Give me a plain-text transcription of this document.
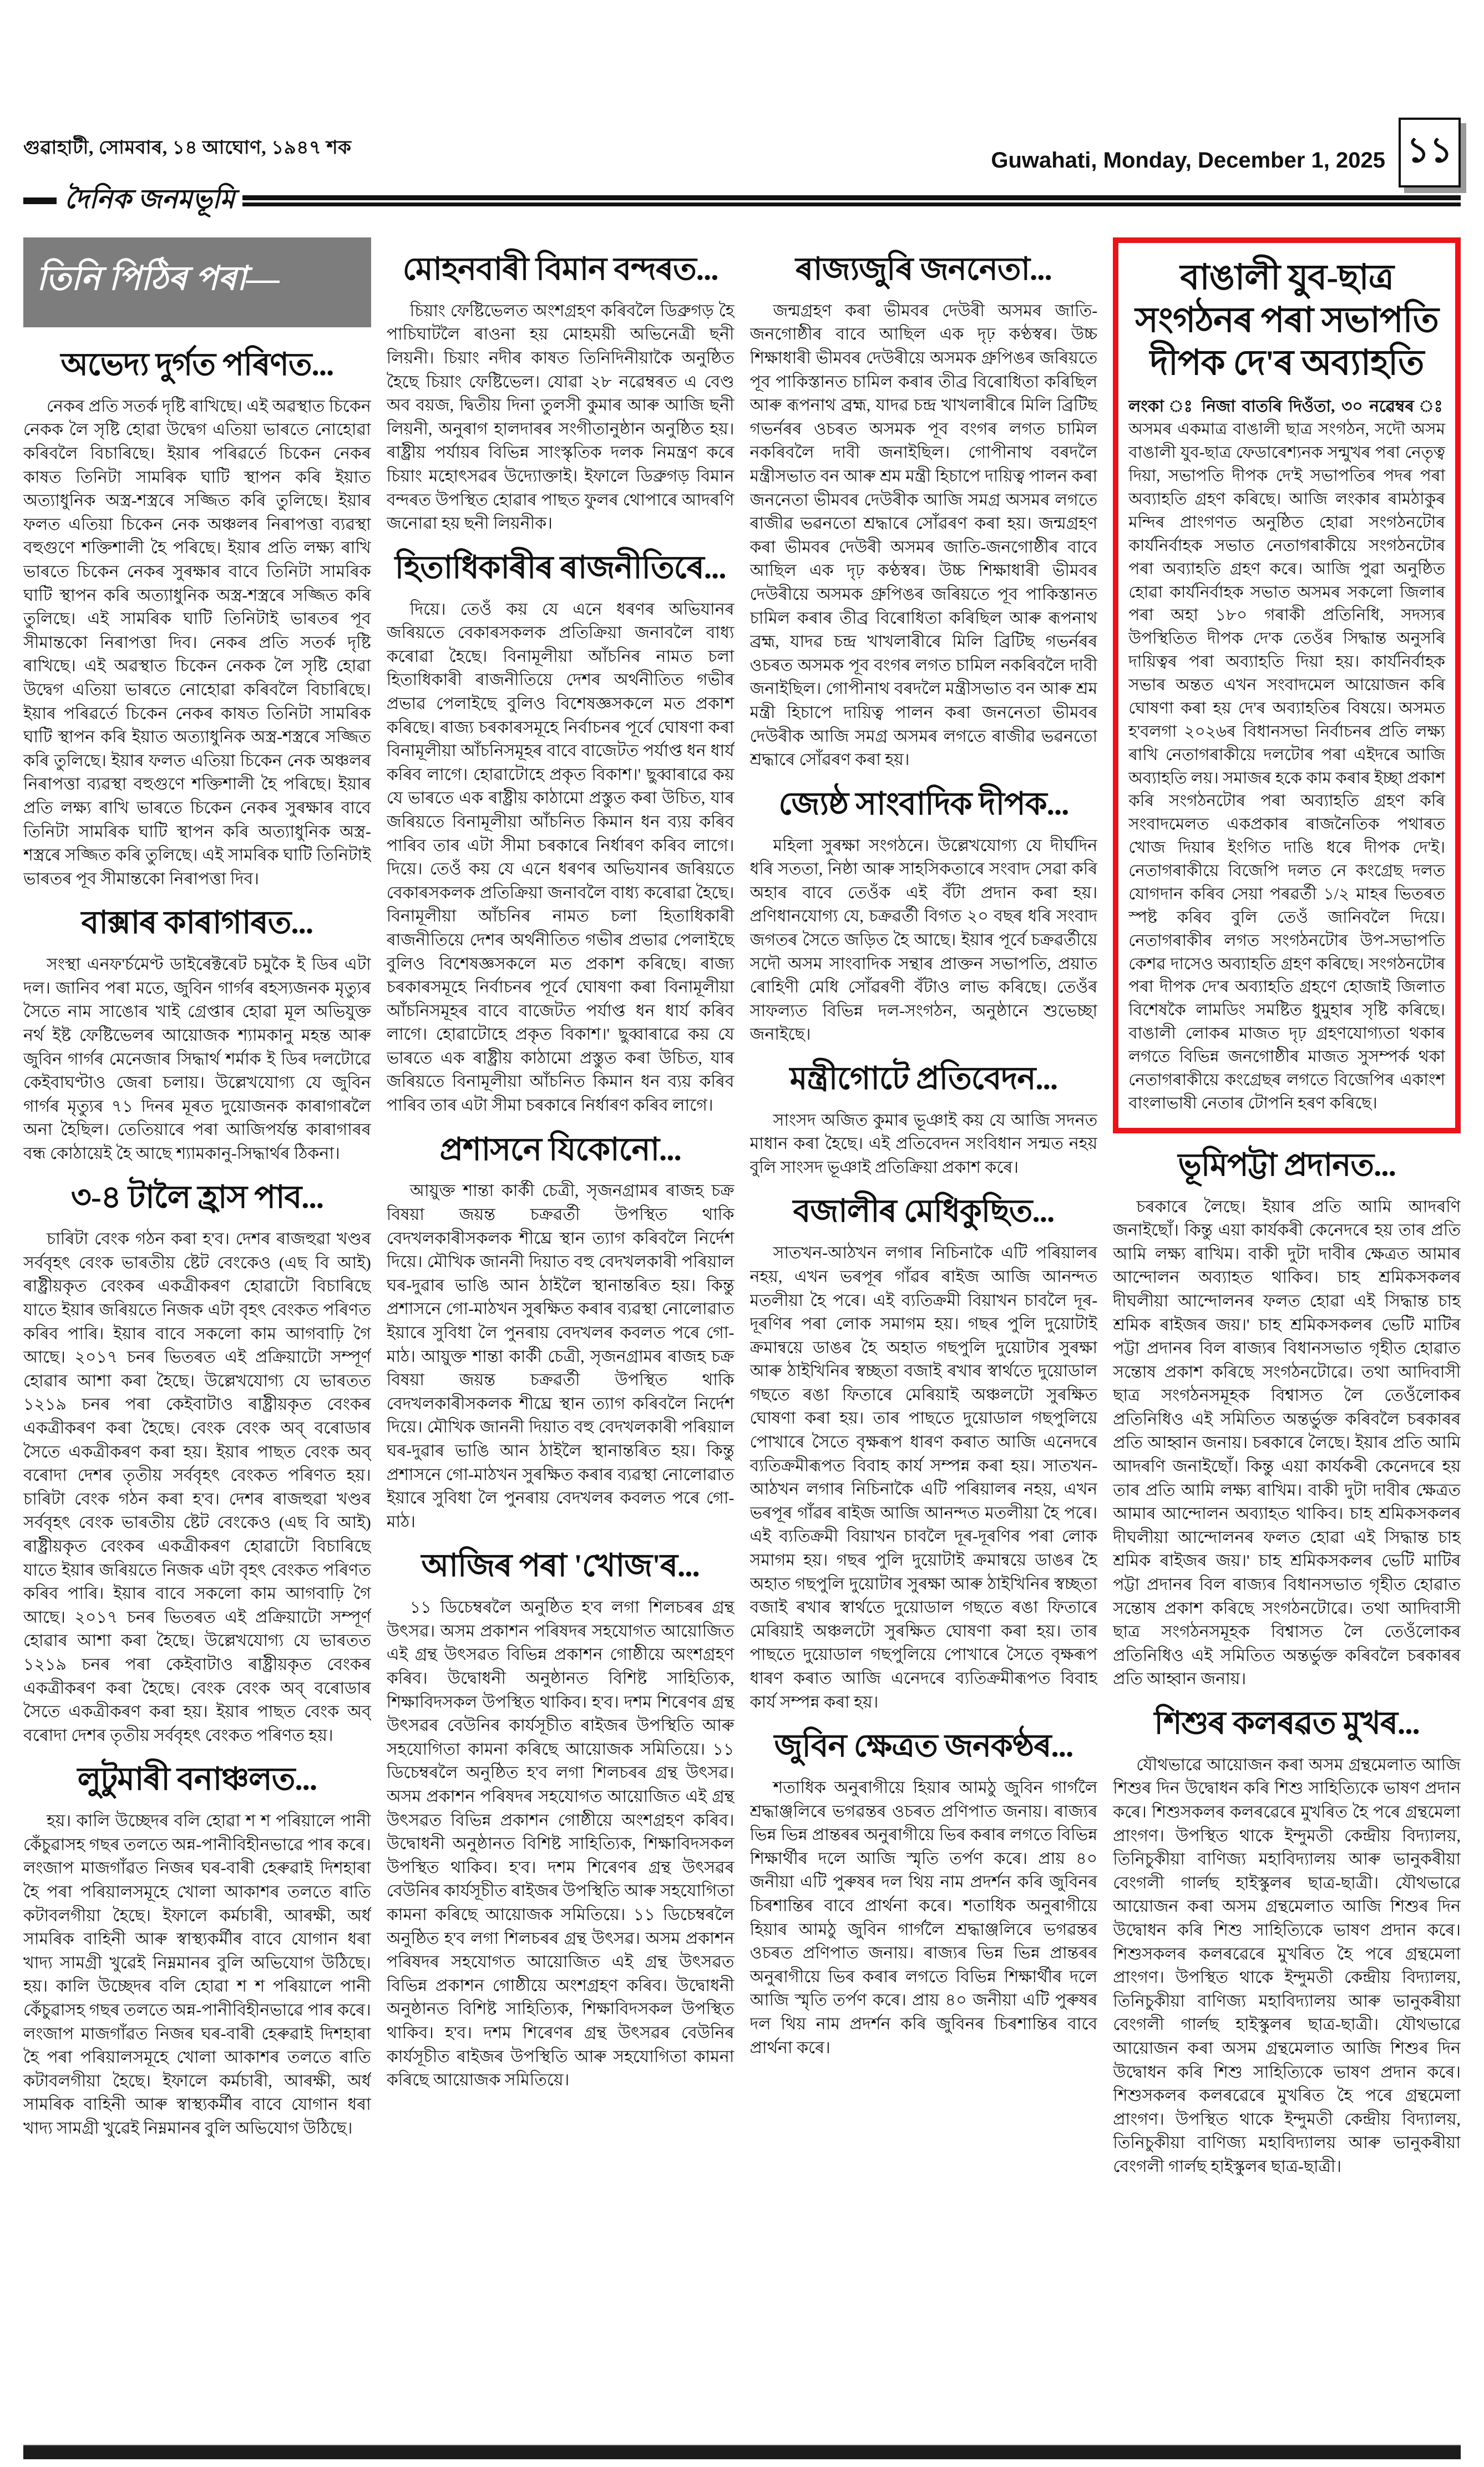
গুৱাহাটী, সোমবাৰ, ১৪ আঘোণ, ১৯৪৭ শক	Guwahati, Monday, December 1, 2025 ১১
দৈনিক জনমভূমি
তিনি পিঠিৰ পৰা—
অভেদ্য দুর্গত পৰিণত...
নেকৰ প্ৰতি সতৰ্ক দৃষ্টি ৰাখিছে। এই অৱস্থাত চিকেন নেকক লৈ সৃষ্টি হোৱা উদ্বেগ এতিয়া ভাৰতে নোহোৱা কৰিবলৈ বিচাৰিছে। ইয়াৰ পৰিৱৰ্তে চিকেন নেকৰ কাষত তিনিটা সামৰিক ঘাটি স্থাপন কৰি ইয়াত অত্যাধুনিক অস্ত্ৰ-শস্ত্ৰৰে সজ্জিত কৰি তুলিছে। ইয়াৰ ফলত এতিয়া চিকেন নেক অঞ্চলৰ নিৰাপত্তা ব্যৱস্থা বহুগুণে শক্তিশালী হৈ পৰিছে। ইয়াৰ প্ৰতি লক্ষ্য ৰাখি ভাৰতে চিকেন নেকৰ সুৰক্ষাৰ বাবে তিনিটা সামৰিক ঘাটি স্থাপন কৰি অত্যাধুনিক অস্ত্ৰ-শস্ত্ৰৰে সজ্জিত কৰি তুলিছে। এই সামৰিক ঘাটি তিনিটাই ভাৰতৰ পূব সীমান্তকো নিৰাপত্তা দিব। নেকৰ প্ৰতি সতৰ্ক দৃষ্টি ৰাখিছে। এই অৱস্থাত চিকেন নেকক লৈ সৃষ্টি হোৱা উদ্বেগ এতিয়া ভাৰতে নোহোৱা কৰিবলৈ বিচাৰিছে। ইয়াৰ পৰিৱৰ্তে চিকেন নেকৰ কাষত তিনিটা সামৰিক ঘাটি স্থাপন কৰি ইয়াত অত্যাধুনিক অস্ত্ৰ-শস্ত্ৰৰে সজ্জিত কৰি তুলিছে। ইয়াৰ ফলত এতিয়া চিকেন নেক অঞ্চলৰ নিৰাপত্তা ব্যৱস্থা বহুগুণে শক্তিশালী হৈ পৰিছে। ইয়াৰ প্ৰতি লক্ষ্য ৰাখি ভাৰতে চিকেন নেকৰ সুৰক্ষাৰ বাবে তিনিটা সামৰিক ঘাটি স্থাপন কৰি অত্যাধুনিক অস্ত্ৰ-শস্ত্ৰৰে সজ্জিত কৰি তুলিছে। এই সামৰিক ঘাটি তিনিটাই ভাৰতৰ পূব সীমান্তকো নিৰাপত্তা দিব।
বাক্সাৰ কাৰাগাৰত...
সংস্থা এনফ'ৰ্চমেণ্ট ডাইৰেক্টৰেট চমুকৈ ই ডিৰ এটা দল। জানিব পৰা মতে, জুবিন গাৰ্গৰ ৰহস্যজনক মৃত্যুৰ সৈতে নাম সাঙোৰ খাই গ্ৰেপ্তাৰ হোৱা মূল অভিযুক্ত নৰ্থ ইষ্ট ফেষ্টিভেলৰ আয়োজক শ্যামকানু মহন্ত আৰু জুবিন গাৰ্গৰ মেনেজাৰ সিদ্ধাৰ্থ শৰ্মাক ই ডিৰ দলটোৱে কেইবাঘণ্টাও জেৰা চলায়। উল্লেখযোগ্য যে জুবিন গাৰ্গৰ মৃত্যুৰ ৭১ দিনৰ মূৰত দুয়োজনক কাৰাগাৰলৈ অনা হৈছিল। তেতিয়াৰে পৰা আজিপৰ্যন্ত কাৰাগাৰৰ বন্ধ কোঠায়েই হৈ আছে শ্যামকানু-সিদ্ধাৰ্থৰ ঠিকনা।
৩-৪ টালৈ হ্ৰাস পাব...
চাৰিটা বেংক গঠন কৰা হ'ব। দেশৰ ৰাজহুৱা খণ্ডৰ সৰ্ববৃহৎ বেংক ভাৰতীয় ষ্টেট বেংকেও (এছ বি আই) ৰাষ্ট্ৰীয়কৃত বেংকৰ একত্ৰীকৰণ হোৱাটো বিচাৰিছে যাতে ইয়াৰ জৰিয়তে নিজক এটা বৃহৎ বেংকত পৰিণত কৰিব পাৰি। ইয়াৰ বাবে সকলো কাম আগবাঢ়ি গৈ আছে। ২০১৭ চনৰ ভিতৰত এই প্ৰক্ৰিয়াটো সম্পূৰ্ণ হোৱাৰ আশা কৰা হৈছে। উল্লেখযোগ্য যে ভাৰতত ১২১৯ চনৰ পৰা কেইবাটাও ৰাষ্ট্ৰীয়কৃত বেংকৰ একত্ৰীকৰণ কৰা হৈছে। বেংক বেংক অব্ বৰোডাৰ সৈতে একত্ৰীকৰণ কৰা হয়। ইয়াৰ পাছত বেংক অব্ বৰোদা দেশৰ তৃতীয় সৰ্ববৃহৎ বেংকত পৰিণত হয়। চাৰিটা বেংক গঠন কৰা হ'ব। দেশৰ ৰাজহুৱা খণ্ডৰ সৰ্ববৃহৎ বেংক ভাৰতীয় ষ্টেট বেংকেও (এছ বি আই) ৰাষ্ট্ৰীয়কৃত বেংকৰ একত্ৰীকৰণ হোৱাটো বিচাৰিছে যাতে ইয়াৰ জৰিয়তে নিজক এটা বৃহৎ বেংকত পৰিণত কৰিব পাৰি। ইয়াৰ বাবে সকলো কাম আগবাঢ়ি গৈ আছে। ২০১৭ চনৰ ভিতৰত এই প্ৰক্ৰিয়াটো সম্পূৰ্ণ হোৱাৰ আশা কৰা হৈছে। উল্লেখযোগ্য যে ভাৰতত ১২১৯ চনৰ পৰা কেইবাটাও ৰাষ্ট্ৰীয়কৃত বেংকৰ একত্ৰীকৰণ কৰা হৈছে। বেংক বেংক অব্ বৰোডাৰ সৈতে একত্ৰীকৰণ কৰা হয়। ইয়াৰ পাছত বেংক অব্ বৰোদা দেশৰ তৃতীয় সৰ্ববৃহৎ বেংকত পৰিণত হয়।
লুটুমাৰী বনাঞ্চলত...
হয়। কালি উচ্ছেদৰ বলি হোৱা শ শ পৰিয়ালে পানী কেঁচুৱাসহ গছৰ তলতে অন্ন-পানীবিহীনভাৱে পাৰ কৰে। লংজাপ মাজগাঁৱত নিজৰ ঘৰ-বাৰী হেৰুৱাই দিশহাৰা হৈ পৰা পৰিয়ালসমূহে খোলা আকাশৰ তলতে ৰাতি কটাবলগীয়া হৈছে। ইফালে কৰ্মচাৰী, আৰক্ষী, অৰ্ধ সামৰিক বাহিনী আৰু স্বাস্থ্যকৰ্মীৰ বাবে যোগান ধৰা খাদ্য সামগ্ৰী খুৱেই নিম্নমানৰ বুলি অভিযোগ উঠিছে। হয়। কালি উচ্ছেদৰ বলি হোৱা শ শ পৰিয়ালে পানী কেঁচুৱাসহ গছৰ তলতে অন্ন-পানীবিহীনভাৱে পাৰ কৰে। লংজাপ মাজগাঁৱত নিজৰ ঘৰ-বাৰী হেৰুৱাই দিশহাৰা হৈ পৰা পৰিয়ালসমূহে খোলা আকাশৰ তলতে ৰাতি কটাবলগীয়া হৈছে। ইফালে কৰ্মচাৰী, আৰক্ষী, অৰ্ধ সামৰিক বাহিনী আৰু স্বাস্থ্যকৰ্মীৰ বাবে যোগান ধৰা খাদ্য সামগ্ৰী খুৱেই নিম্নমানৰ বুলি অভিযোগ উঠিছে।
মোহনবাৰী বিমান বন্দৰত...
চিয়াং ফেষ্টিভেলত অংশগ্ৰহণ কৰিবলৈ ডিব্ৰুগড় হৈ পাচিঘাটলৈ ৰাওনা হয় মোহময়ী অভিনেত্ৰী ছনী লিয়নী। চিয়াং নদীৰ কাষত তিনিদিনীয়াকৈ অনুষ্ঠিত হৈছে চিয়াং ফেষ্টিভেল। যোৱা ২৮ নৱেম্বৰত এ বেণ্ড অব বয়জ, দ্বিতীয় দিনা তুলসী কুমাৰ আৰু আজি ছনী লিয়নী, অনুৰাগ হালদাৰৰ সংগীতানুষ্ঠান অনুষ্ঠিত হয়। ৰাষ্ট্ৰীয় পৰ্যায়ৰ বিভিন্ন সাংস্কৃতিক দলক নিমন্ত্ৰণ কৰে চিয়াং মহোৎসৱৰ উদ্যোক্তাই। ইফালে ডিব্ৰুগড় বিমান বন্দৰত উপস্থিত হোৱাৰ পাছত ফুলৰ থোপাৰে আদৰণি জনোৱা হয় ছনী লিয়নীক।
হিতাধিকাৰীৰ ৰাজনীতিৰে...
দিয়ে। তেওঁ কয় যে এনে ধৰণৰ অভিযানৰ জৰিয়তে বেকাৰসকলক প্ৰতিক্ৰিয়া জনাবলৈ বাধ্য কৰোৱা হৈছে। বিনামূলীয়া আঁচনিৰ নামত চলা হিতাধিকাৰী ৰাজনীতিয়ে দেশৰ অৰ্থনীতিত গভীৰ প্ৰভাৱ পেলাইছে বুলিও বিশেষজ্ঞসকলে মত প্ৰকাশ কৰিছে। ৰাজ্য চৰকাৰসমূহে নিৰ্বাচনৰ পূৰ্বে ঘোষণা কৰা বিনামূলীয়া আঁচনিসমূহৰ বাবে বাজেটত পৰ্যাপ্ত ধন ধাৰ্য কৰিব লাগে। হোৱাটোহে প্ৰকৃত বিকাশ।' ছুব্বাৰাৱে কয় যে ভাৰতে এক ৰাষ্ট্ৰীয় কাঠামো প্ৰস্তুত কৰা উচিত, যাৰ জৰিয়তে বিনামূলীয়া আঁচনিত কিমান ধন ব্যয় কৰিব পাৰিব তাৰ এটা সীমা চৰকাৰে নিৰ্ধাৰণ কৰিব লাগে। দিয়ে। তেওঁ কয় যে এনে ধৰণৰ অভিযানৰ জৰিয়তে বেকাৰসকলক প্ৰতিক্ৰিয়া জনাবলৈ বাধ্য কৰোৱা হৈছে। বিনামূলীয়া আঁচনিৰ নামত চলা হিতাধিকাৰী ৰাজনীতিয়ে দেশৰ অৰ্থনীতিত গভীৰ প্ৰভাৱ পেলাইছে বুলিও বিশেষজ্ঞসকলে মত প্ৰকাশ কৰিছে। ৰাজ্য চৰকাৰসমূহে নিৰ্বাচনৰ পূৰ্বে ঘোষণা কৰা বিনামূলীয়া আঁচনিসমূহৰ বাবে বাজেটত পৰ্যাপ্ত ধন ধাৰ্য কৰিব লাগে। হোৱাটোহে প্ৰকৃত বিকাশ।' ছুব্বাৰাৱে কয় যে ভাৰতে এক ৰাষ্ট্ৰীয় কাঠামো প্ৰস্তুত কৰা উচিত, যাৰ জৰিয়তে বিনামূলীয়া আঁচনিত কিমান ধন ব্যয় কৰিব পাৰিব তাৰ এটা সীমা চৰকাৰে নিৰ্ধাৰণ কৰিব লাগে।
প্ৰশাসনে যিকোনো...
আয়ুক্ত শান্তা কাৰ্কী চেত্ৰী, সৃজনগ্ৰামৰ ৰাজহ চক্ৰ বিষয়া জয়ন্ত চক্ৰৱৰ্তী উপস্থিত থাকি বেদখলকাৰীসকলক শীঘ্ৰে স্থান ত্যাগ কৰিবলৈ নিৰ্দেশ দিয়ে। মৌখিক জাননী দিয়াত বহু বেদখলকাৰী পৰিয়াল ঘৰ-দুৱাৰ ভাঙি আন ঠাইলৈ স্থানান্তৰিত হয়। কিন্তু প্ৰশাসনে গো-মাঠখন সুৰক্ষিত কৰাৰ ব্যৱস্থা নোলোৱাত ইয়াৰে সুবিধা লৈ পুনৰায় বেদখলৰ কবলত পৰে গো-মাঠ। আয়ুক্ত শান্তা কাৰ্কী চেত্ৰী, সৃজনগ্ৰামৰ ৰাজহ চক্ৰ বিষয়া জয়ন্ত চক্ৰৱৰ্তী উপস্থিত থাকি বেদখলকাৰীসকলক শীঘ্ৰে স্থান ত্যাগ কৰিবলৈ নিৰ্দেশ দিয়ে। মৌখিক জাননী দিয়াত বহু বেদখলকাৰী পৰিয়াল ঘৰ-দুৱাৰ ভাঙি আন ঠাইলৈ স্থানান্তৰিত হয়। কিন্তু প্ৰশাসনে গো-মাঠখন সুৰক্ষিত কৰাৰ ব্যৱস্থা নোলোৱাত ইয়াৰে সুবিধা লৈ পুনৰায় বেদখলৰ কবলত পৰে গো-মাঠ।
আজিৰ পৰা 'খোজ'ৰ...
১১ ডিচেম্বৰলৈ অনুষ্ঠিত হ'ব লগা শিলচৰৰ গ্ৰন্থ উৎসৱ। অসম প্ৰকাশন পৰিষদৰ সহযোগত আয়োজিত এই গ্ৰন্থ উৎসৱত বিভিন্ন প্ৰকাশন গোষ্ঠীয়ে অংশগ্ৰহণ কৰিব। উদ্বোধনী অনুষ্ঠানত বিশিষ্ট সাহিত্যিক, শিক্ষাবিদসকল উপস্থিত থাকিব। হ'ব। দশম শিৰেণৰ গ্ৰন্থ উৎসৱৰ বেউনিৰ কাৰ্যসূচীত ৰাইজৰ উপস্থিতি আৰু সহযোগিতা কামনা কৰিছে আয়োজক সমিতিয়ে। ১১ ডিচেম্বৰলৈ অনুষ্ঠিত হ'ব লগা শিলচৰৰ গ্ৰন্থ উৎসৱ। অসম প্ৰকাশন পৰিষদৰ সহযোগত আয়োজিত এই গ্ৰন্থ উৎসৱত বিভিন্ন প্ৰকাশন গোষ্ঠীয়ে অংশগ্ৰহণ কৰিব। উদ্বোধনী অনুষ্ঠানত বিশিষ্ট সাহিত্যিক, শিক্ষাবিদসকল উপস্থিত থাকিব। হ'ব। দশম শিৰেণৰ গ্ৰন্থ উৎসৱৰ বেউনিৰ কাৰ্যসূচীত ৰাইজৰ উপস্থিতি আৰু সহযোগিতা কামনা কৰিছে আয়োজক সমিতিয়ে। ১১ ডিচেম্বৰলৈ অনুষ্ঠিত হ'ব লগা শিলচৰৰ গ্ৰন্থ উৎসৱ। অসম প্ৰকাশন পৰিষদৰ সহযোগত আয়োজিত এই গ্ৰন্থ উৎসৱত বিভিন্ন প্ৰকাশন গোষ্ঠীয়ে অংশগ্ৰহণ কৰিব। উদ্বোধনী অনুষ্ঠানত বিশিষ্ট সাহিত্যিক, শিক্ষাবিদসকল উপস্থিত থাকিব। হ'ব। দশম শিৰেণৰ গ্ৰন্থ উৎসৱৰ বেউনিৰ কাৰ্যসূচীত ৰাইজৰ উপস্থিতি আৰু সহযোগিতা কামনা কৰিছে আয়োজক সমিতিয়ে।
ৰাজ্যজুৰি জননেতা...
জন্মগ্ৰহণ কৰা ভীমবৰ দেউৰী অসমৰ জাতি-জনগোষ্ঠীৰ বাবে আছিল এক দৃঢ় কণ্ঠস্বৰ। উচ্চ শিক্ষাধাৰী ভীমবৰ দেউৰীয়ে অসমক গ্ৰুপিঙৰ জৰিয়তে পূব পাকিস্তানত চামিল কৰাৰ তীব্ৰ বিৰোধিতা কৰিছিল আৰু ৰূপনাথ ব্ৰহ্ম, যাদৱ চন্দ্ৰ খাখলাৰীৰে মিলি ব্ৰিটিছ গভৰ্নৰৰ ওচৰত অসমক পূব বংগৰ লগত চামিল নকৰিবলৈ দাবী জনাইছিল। গোপীনাথ বৰদলৈ মন্ত্ৰীসভাত বন আৰু শ্ৰম মন্ত্ৰী হিচাপে দায়িত্ব পালন কৰা জননেতা ভীমবৰ দেউৰীক আজি সমগ্ৰ অসমৰ লগতে ৰাজীৱ ভৱনতো শ্ৰদ্ধাৰে সোঁৱৰণ কৰা হয়। জন্মগ্ৰহণ কৰা ভীমবৰ দেউৰী অসমৰ জাতি-জনগোষ্ঠীৰ বাবে আছিল এক দৃঢ় কণ্ঠস্বৰ। উচ্চ শিক্ষাধাৰী ভীমবৰ দেউৰীয়ে অসমক গ্ৰুপিঙৰ জৰিয়তে পূব পাকিস্তানত চামিল কৰাৰ তীব্ৰ বিৰোধিতা কৰিছিল আৰু ৰূপনাথ ব্ৰহ্ম, যাদৱ চন্দ্ৰ খাখলাৰীৰে মিলি ব্ৰিটিছ গভৰ্নৰৰ ওচৰত অসমক পূব বংগৰ লগত চামিল নকৰিবলৈ দাবী জনাইছিল। গোপীনাথ বৰদলৈ মন্ত্ৰীসভাত বন আৰু শ্ৰম মন্ত্ৰী হিচাপে দায়িত্ব পালন কৰা জননেতা ভীমবৰ দেউৰীক আজি সমগ্ৰ অসমৰ লগতে ৰাজীৱ ভৱনতো শ্ৰদ্ধাৰে সোঁৱৰণ কৰা হয়।
জ্যেষ্ঠ সাংবাদিক দীপক...
মহিলা সুৰক্ষা সংগঠনে। উল্লেখযোগ্য যে দীৰ্ঘদিন ধৰি সততা, নিষ্ঠা আৰু সাহসিকতাৰে সংবাদ সেৱা কৰি অহাৰ বাবে তেওঁক এই বঁটা প্ৰদান কৰা হয়। প্ৰণিধানযোগ্য যে, চক্ৰৱৰ্তী বিগত ২০ বছৰ ধৰি সংবাদ জগতৰ সৈতে জড়িত হৈ আছে। ইয়াৰ পূৰ্বে চক্ৰৱৰ্তীয়ে সদৌ অসম সাংবাদিক সন্থাৰ প্ৰাক্তন সভাপতি, প্ৰয়াত ৰোহিণী মেধি সোঁৱৰণী বঁটাও লাভ কৰিছে। তেওঁৰ সাফল্যত বিভিন্ন দল-সংগঠন, অনুষ্ঠানে শুভেচ্ছা জনাইছে।
মন্ত্ৰীগোটে প্ৰতিবেদন...
সাংসদ অজিত কুমাৰ ভূঞাই কয় যে আজি সদনত মাধান কৰা হৈছে। এই প্ৰতিবেদন সংবিধান সন্মত নহয় বুলি সাংসদ ভূঞাই প্ৰতিক্ৰিয়া প্ৰকাশ কৰে।
বজালীৰ মেধিকুছিত...
সাতখন-আঠখন লগাৰ নিচিনাকৈ এটি পৰিয়ালৰ নহয়, এখন ভৰপূৰ গাঁৱৰ ৰাইজ আজি আনন্দত মতলীয়া হৈ পৰে। এই ব্যতিক্ৰমী বিয়াখন চাবলৈ দূৰ-দূৰণিৰ পৰা লোক সমাগম হয়। গছৰ পুলি দুয়োটাই ক্ৰমান্বয়ে ডাঙৰ হৈ অহাত গছপুলি দুয়োটাৰ সুৰক্ষা আৰু ঠাইখিনিৰ স্বচ্ছতা বজাই ৰখাৰ স্বাৰ্থতে দুয়োডাল গছতে ৰঙা ফিতাৰে মেৰিয়াই অঞ্চলটো সুৰক্ষিত ঘোষণা কৰা হয়। তাৰ পাছতে দুয়োডাল গছপুলিয়ে পোখাৰে সৈতে বৃক্ষৰূপ ধাৰণ কৰাত আজি এনেদৰে ব্যতিক্ৰমীৰূপত বিবাহ কাৰ্য সম্পন্ন কৰা হয়। সাতখন-আঠখন লগাৰ নিচিনাকৈ এটি পৰিয়ালৰ নহয়, এখন ভৰপূৰ গাঁৱৰ ৰাইজ আজি আনন্দত মতলীয়া হৈ পৰে। এই ব্যতিক্ৰমী বিয়াখন চাবলৈ দূৰ-দূৰণিৰ পৰা লোক সমাগম হয়। গছৰ পুলি দুয়োটাই ক্ৰমান্বয়ে ডাঙৰ হৈ অহাত গছপুলি দুয়োটাৰ সুৰক্ষা আৰু ঠাইখিনিৰ স্বচ্ছতা বজাই ৰখাৰ স্বাৰ্থতে দুয়োডাল গছতে ৰঙা ফিতাৰে মেৰিয়াই অঞ্চলটো সুৰক্ষিত ঘোষণা কৰা হয়। তাৰ পাছতে দুয়োডাল গছপুলিয়ে পোখাৰে সৈতে বৃক্ষৰূপ ধাৰণ কৰাত আজি এনেদৰে ব্যতিক্ৰমীৰূপত বিবাহ কাৰ্য সম্পন্ন কৰা হয়।
জুবিন ক্ষেত্ৰত জনকণ্ঠৰ...
শতাধিক অনুৰাগীয়ে হিয়াৰ আমঠু জুবিন গাৰ্গলৈ শ্ৰদ্ধাঞ্জলিৰে ভগৱন্তৰ ওচৰত প্ৰণিপাত জনায়। ৰাজ্যৰ ভিন্ন ভিন্ন প্ৰান্তৰৰ অনুৰাগীয়ে ভিৰ কৰাৰ লগতে বিভিন্ন শিক্ষাৰ্থীৰ দলে আজি স্মৃতি তৰ্পণ কৰে। প্ৰায় ৪০ জনীয়া এটি পুৰুষৰ দল থিয় নাম প্ৰদৰ্শন কৰি জুবিনৰ চিৰশান্তিৰ বাবে প্ৰাৰ্থনা কৰে। শতাধিক অনুৰাগীয়ে হিয়াৰ আমঠু জুবিন গাৰ্গলৈ শ্ৰদ্ধাঞ্জলিৰে ভগৱন্তৰ ওচৰত প্ৰণিপাত জনায়। ৰাজ্যৰ ভিন্ন ভিন্ন প্ৰান্তৰৰ অনুৰাগীয়ে ভিৰ কৰাৰ লগতে বিভিন্ন শিক্ষাৰ্থীৰ দলে আজি স্মৃতি তৰ্পণ কৰে। প্ৰায় ৪০ জনীয়া এটি পুৰুষৰ দল থিয় নাম প্ৰদৰ্শন কৰি জুবিনৰ চিৰশান্তিৰ বাবে প্ৰাৰ্থনা কৰে।
বাঙালী যুব-ছাত্ৰ সংগঠনৰ পৰা সভাপতি দীপক দে'ৰ অব্যাহতি
লংকা ঃ নিজা বাতৰি দিওঁতা, ৩০ নৱেম্বৰ ঃ অসমৰ একমাত্ৰ বাঙালী ছাত্ৰ সংগঠন, সদৌ অসম বাঙালী যুব-ছাত্ৰ ফেডাৰেশ্যনক সন্মুখৰ পৰা নেতৃত্ব দিয়া, সভাপতি দীপক দে'ই সভাপতিৰ পদৰ পৰা অব্যাহতি গ্ৰহণ কৰিছে। আজি লংকাৰ ৰামঠাকুৰ মন্দিৰ প্ৰাংগণত অনুষ্ঠিত হোৱা সংগঠনটোৰ কাৰ্যনিৰ্বাহক সভাত নেতাগৰাকীয়ে সংগঠনটোৰ পৰা অব্যাহতি গ্ৰহণ কৰে। আজি পুৱা অনুষ্ঠিত হোৱা কাৰ্যনিৰ্বাহক সভাত অসমৰ সকলো জিলাৰ পৰা অহা ১৮০ গৰাকী প্ৰতিনিধি, সদস্যৰ উপস্থিতিত দীপক দে'ক তেওঁৰ সিদ্ধান্ত অনুসৰি দায়িত্বৰ পৰা অব্যাহতি দিয়া হয়। কাৰ্যনিৰ্বাহক সভাৰ অন্তত এখন সংবাদমেল আয়োজন কৰি ঘোষণা কৰা হয় দে'ৰ অব্যাহতিৰ বিষয়ে। অসমত হ'বলগা ২০২৬ৰ বিধানসভা নিৰ্বাচনৰ প্ৰতি লক্ষ্য ৰাখি নেতাগৰাকীয়ে দলটোৰ পৰা এইদৰে আজি অব্যাহতি লয়। সমাজৰ হকে কাম কৰাৰ ইচ্ছা প্ৰকাশ কৰি সংগঠনটোৰ পৰা অব্যাহতি গ্ৰহণ কৰি সংবাদমেলত একপ্ৰকাৰ ৰাজনৈতিক পথাৰত খোজ দিয়াৰ ইংগিত দাঙি ধৰে দীপক দে'ই। নেতাগৰাকীয়ে বিজেপি দলত নে কংগ্ৰেছ দলত যোগদান কৰিব সেয়া পৰৱৰ্তী ১/২ মাহৰ ভিতৰত স্পষ্ট কৰিব বুলি তেওঁ জানিবলৈ দিয়ে। নেতাগৰাকীৰ লগত সংগঠনটোৰ উপ-সভাপতি কেশৱ দাসেও অব্যাহতি গ্ৰহণ কৰিছে। সংগঠনটোৰ পৰা দীপক দে'ৰ অব্যাহতি গ্ৰহণে হোজাই জিলাত বিশেষকৈ লামডিং সমষ্টিত ধুমুহাৰ সৃষ্টি কৰিছে। বাঙালী লোকৰ মাজত দৃঢ় গ্ৰহণযোগ্যতা থকাৰ লগতে বিভিন্ন জনগোষ্ঠীৰ মাজত সুসম্পৰ্ক থকা নেতাগৰাকীয়ে কংগ্ৰেছৰ লগতে বিজেপিৰ একাংশ বাংলাভাষী নেতাৰ টোপনি হৰণ কৰিছে।
ভূমিপট্টা প্ৰদানত...
চৰকাৰে লৈছে। ইয়াৰ প্ৰতি আমি আদৰণি জনাইছোঁ। কিন্তু এয়া কাৰ্যকৰী কেনেদৰে হয় তাৰ প্ৰতি আমি লক্ষ্য ৰাখিম। বাকী দুটা দাবীৰ ক্ষেত্ৰত আমাৰ আন্দোলন অব্যাহত থাকিব। চাহ শ্ৰমিকসকলৰ দীঘলীয়া আন্দোলনৰ ফলত হোৱা এই সিদ্ধান্ত চাহ শ্ৰমিক ৰাইজৰ জয়।' চাহ শ্ৰমিকসকলৰ ভেটি মাটিৰ পট্টা প্ৰদানৰ বিল ৰাজ্যৰ বিধানসভাত গৃহীত হোৱাত সন্তোষ প্ৰকাশ কৰিছে সংগঠনটোৱে। তথা আদিবাসী ছাত্ৰ সংগঠনসমূহক বিশ্বাসত লৈ তেওঁলোকৰ প্ৰতিনিধিও এই সমিতিত অন্তৰ্ভুক্ত কৰিবলৈ চৰকাৰৰ প্ৰতি আহ্বান জনায়। চৰকাৰে লৈছে। ইয়াৰ প্ৰতি আমি আদৰণি জনাইছোঁ। কিন্তু এয়া কাৰ্যকৰী কেনেদৰে হয় তাৰ প্ৰতি আমি লক্ষ্য ৰাখিম। বাকী দুটা দাবীৰ ক্ষেত্ৰত আমাৰ আন্দোলন অব্যাহত থাকিব। চাহ শ্ৰমিকসকলৰ দীঘলীয়া আন্দোলনৰ ফলত হোৱা এই সিদ্ধান্ত চাহ শ্ৰমিক ৰাইজৰ জয়।' চাহ শ্ৰমিকসকলৰ ভেটি মাটিৰ পট্টা প্ৰদানৰ বিল ৰাজ্যৰ বিধানসভাত গৃহীত হোৱাত সন্তোষ প্ৰকাশ কৰিছে সংগঠনটোৱে। তথা আদিবাসী ছাত্ৰ সংগঠনসমূহক বিশ্বাসত লৈ তেওঁলোকৰ প্ৰতিনিধিও এই সমিতিত অন্তৰ্ভুক্ত কৰিবলৈ চৰকাৰৰ প্ৰতি আহ্বান জনায়।
শিশুৰ কলৰৱত মুখৰ...
যৌথভাৱে আয়োজন কৰা অসম গ্ৰন্থমেলাত আজি শিশুৰ দিন উদ্বোধন কৰি শিশু সাহিত্যিকে ভাষণ প্ৰদান কৰে। শিশুসকলৰ কলৰৱেৰে মুখৰিত হৈ পৰে গ্ৰন্থমেলা প্ৰাংগণ। উপস্থিত থাকে ইন্দুমতী কেন্দ্ৰীয় বিদ্যালয়, তিনিচুকীয়া বাণিজ্য মহাবিদ্যালয় আৰু ভানুকৰীয়া বেংগলী গাৰ্লছ হাইস্কুলৰ ছাত্ৰ-ছাত্ৰী। যৌথভাৱে আয়োজন কৰা অসম গ্ৰন্থমেলাত আজি শিশুৰ দিন উদ্বোধন কৰি শিশু সাহিত্যিকে ভাষণ প্ৰদান কৰে। শিশুসকলৰ কলৰৱেৰে মুখৰিত হৈ পৰে গ্ৰন্থমেলা প্ৰাংগণ। উপস্থিত থাকে ইন্দুমতী কেন্দ্ৰীয় বিদ্যালয়, তিনিচুকীয়া বাণিজ্য মহাবিদ্যালয় আৰু ভানুকৰীয়া বেংগলী গাৰ্লছ হাইস্কুলৰ ছাত্ৰ-ছাত্ৰী। যৌথভাৱে আয়োজন কৰা অসম গ্ৰন্থমেলাত আজি শিশুৰ দিন উদ্বোধন কৰি শিশু সাহিত্যিকে ভাষণ প্ৰদান কৰে। শিশুসকলৰ কলৰৱেৰে মুখৰিত হৈ পৰে গ্ৰন্থমেলা প্ৰাংগণ। উপস্থিত থাকে ইন্দুমতী কেন্দ্ৰীয় বিদ্যালয়, তিনিচুকীয়া বাণিজ্য মহাবিদ্যালয় আৰু ভানুকৰীয়া বেংগলী গাৰ্লছ হাইস্কুলৰ ছাত্ৰ-ছাত্ৰী।
